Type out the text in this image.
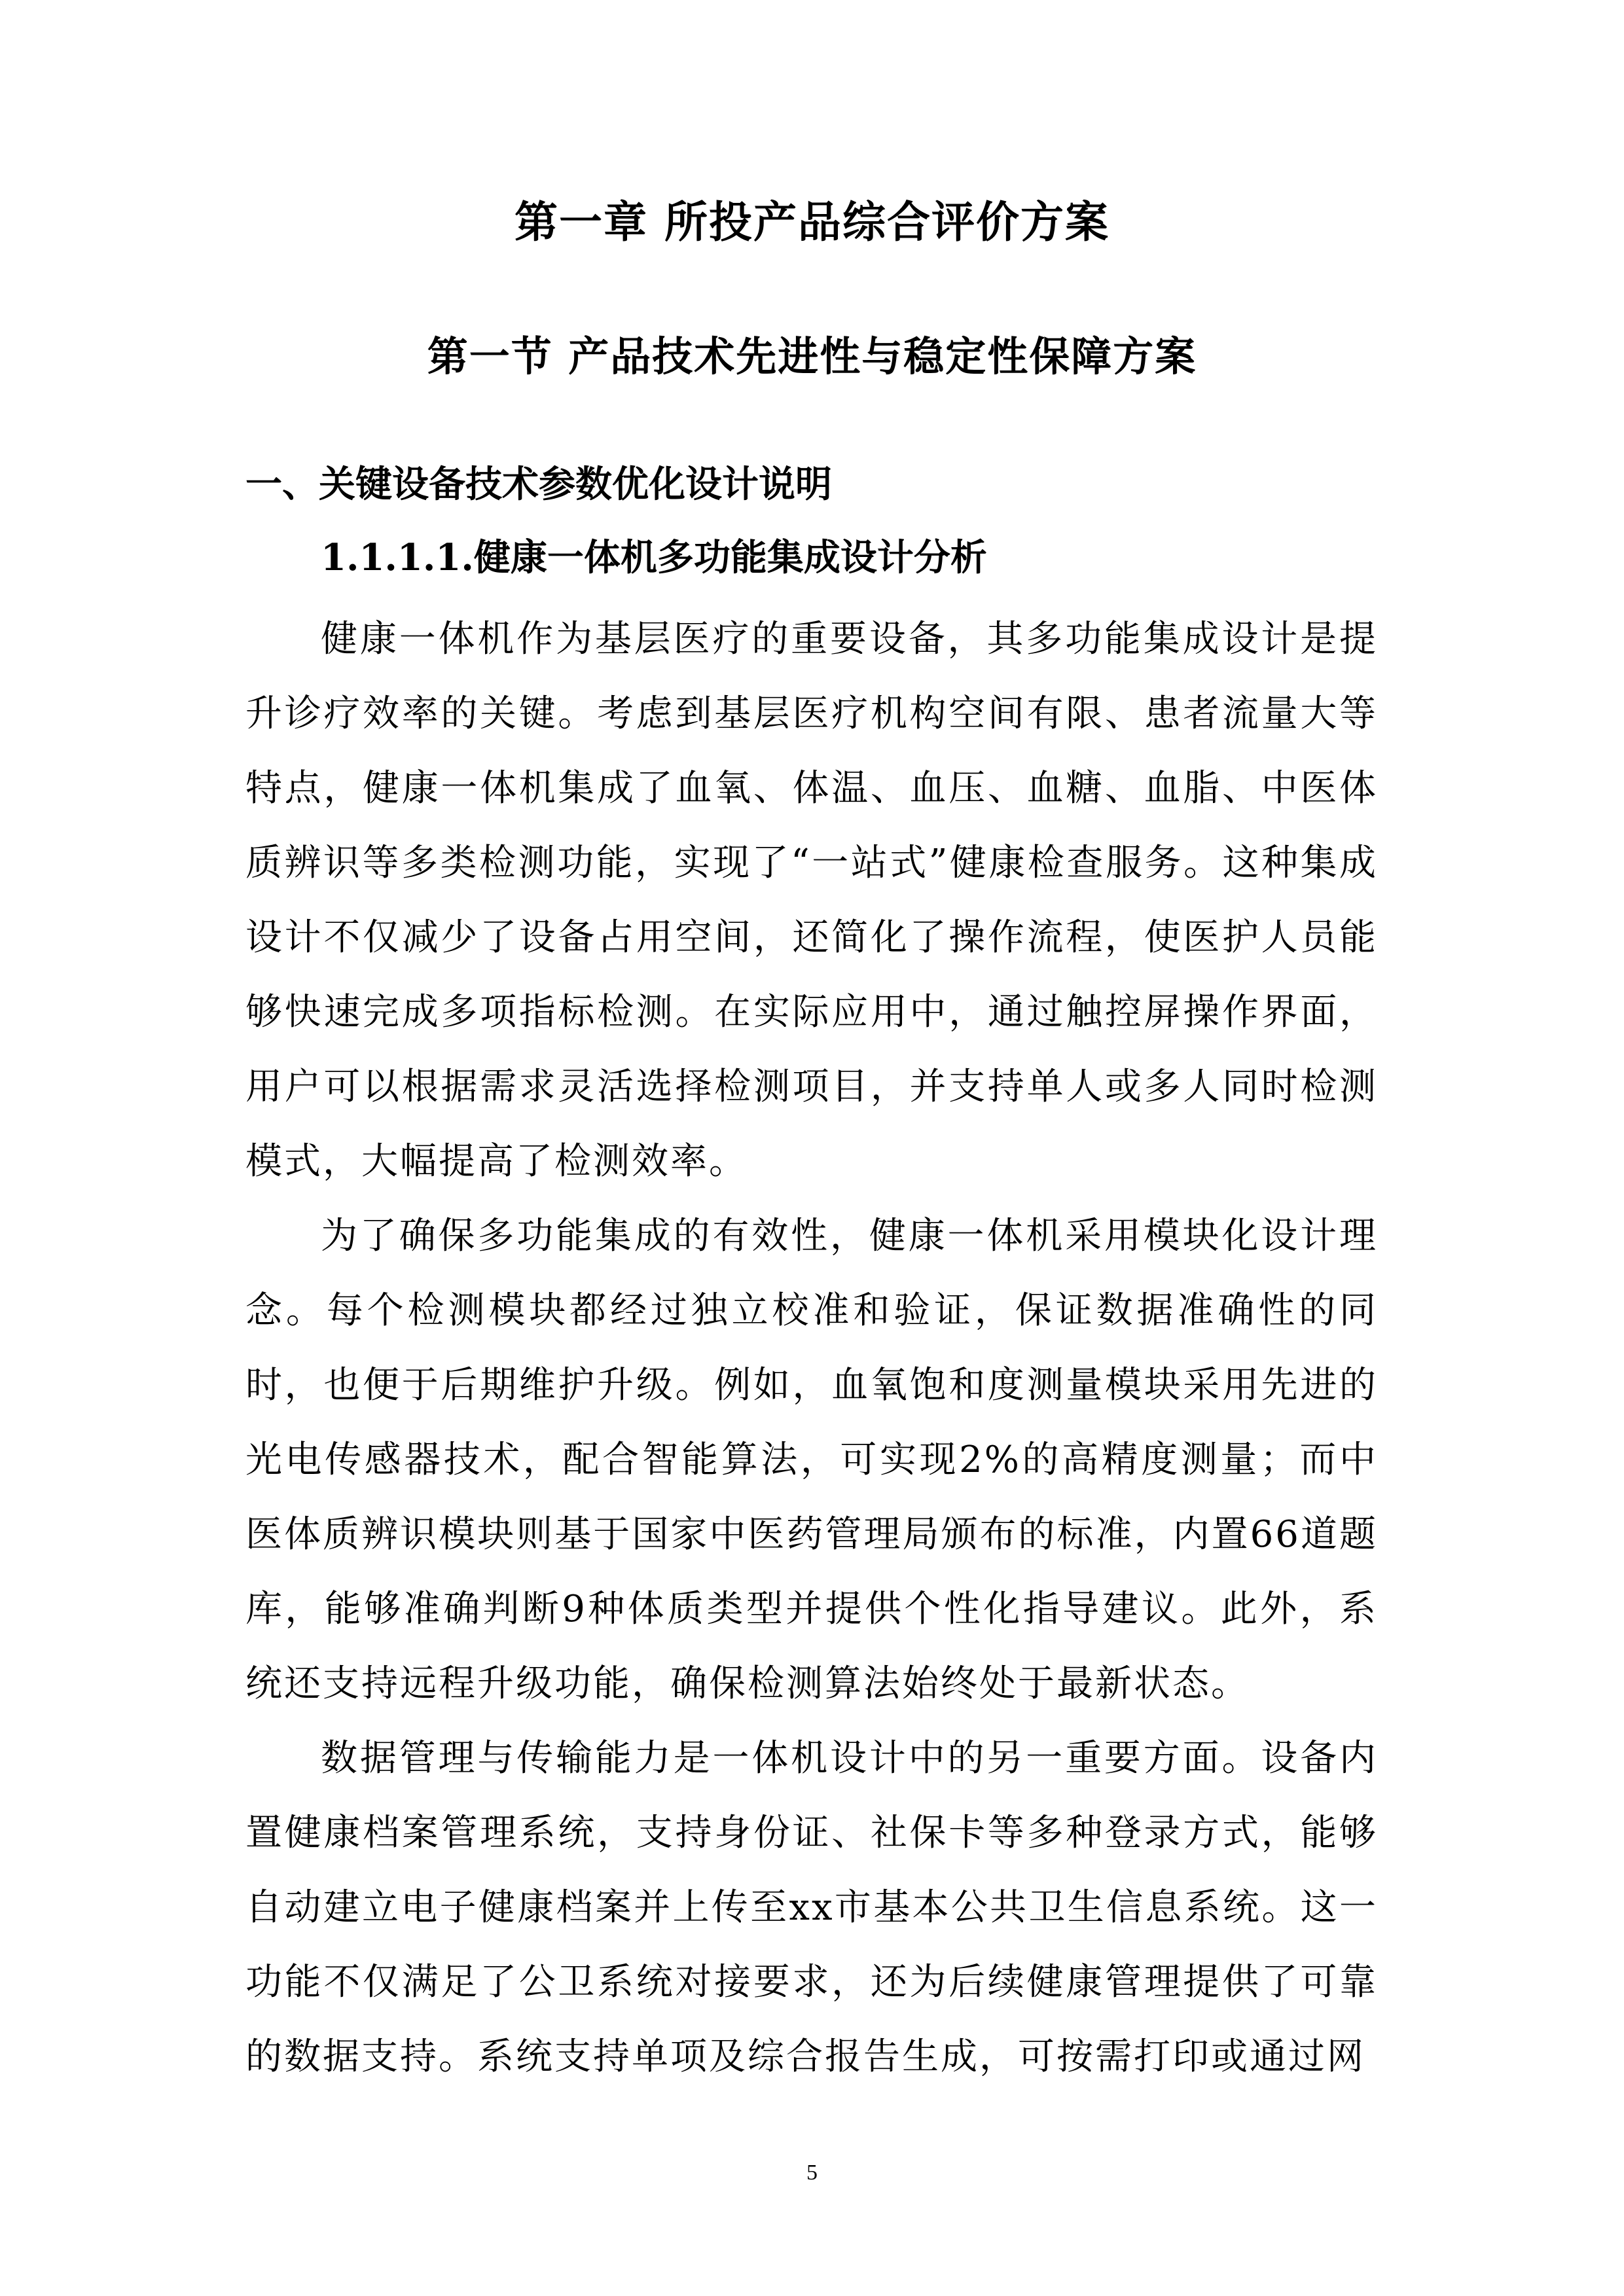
第一章 所投产品综合评价方案
第一节 产品技术先进性与稳定性保障方案
一、关键设备技术参数优化设计说明
1.1.1.1.健康一体机多功能集成设计分析

健康一体机作为基层医疗的重要设备，其多功能集成设计是提升诊疗效率的关键。考虑到基层医疗机构空间有限、患者流量大等特点，健康一体机集成了血氧、体温、血压、血糖、血脂、中医体质辨识等多类检测功能，实现了“一站式”健康检查服务。这种集成设计不仅减少了设备占用空间，还简化了操作流程，使医护人员能够快速完成多项指标检测。在实际应用中，通过触控屏操作界面，用户可以根据需求灵活选择检测项目，并支持单人或多人同时检测模式，大幅提高了检测效率。

为了确保多功能集成的有效性，健康一体机采用模块化设计理念。每个检测模块都经过独立校准和验证，保证数据准确性的同时，也便于后期维护升级。例如，血氧饱和度测量模块采用先进的光电传感器技术，配合智能算法，可实现2%的高精度测量；而中医体质辨识模块则基于国家中医药管理局颁布的标准，内置66道题库，能够准确判断9种体质类型并提供个性化指导建议。此外，系统还支持远程升级功能，确保检测算法始终处于最新状态。

数据管理与传输能力是一体机设计中的另一重要方面。设备内置健康档案管理系统，支持身份证、社保卡等多种登录方式，能够自动建立电子健康档案并上传至xx市基本公共卫生信息系统。这一功能不仅满足了公卫系统对接要求，还为后续健康管理提供了可靠的数据支持。系统支持单项及综合报告生成，可按需打印或通过网

5
